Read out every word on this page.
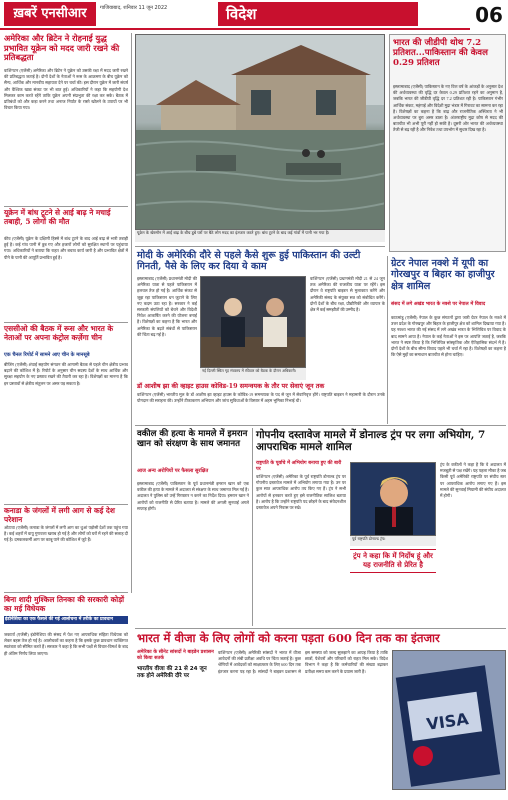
ख़बरें एनसीआर	गाजियाबाद, शनिवार 11 जून 2022	विदेश	06
अमेरिका और ब्रिटेन ने रोहनाई युद्ध प्रभावित यूक्रेन को मदद जारी रखने की प्रतिबद्धता
वाशिंगटन (एजेंसी) अमेरिका और ब्रिटेन ने यूक्रेन को उसकी रक्षा में मदद जारी रखने की प्रतिबद्धता जताई है। दोनों देशों के नेताओं ने रूस के आक्रमण के बीच यूक्रेन को सैन्य, आर्थिक और मानवीय सहायता देने पर चर्चा की। इस दौरान यूक्रेन में जारी संघर्ष और वैश्विक खाद्य संकट पर भी बात हुई। अधिकारियों ने कहा कि सहयोगी देश मिलकर काम करते रहेंगे ताकि यूक्रेन अपनी संप्रभुता की रक्षा कर सके। बैठक में प्रतिबंधों को और कड़ा करने तथा अनाज निर्यात के रास्ते खोलने के उपायों पर भी विचार किया गया।
यूक्रेन में बांध टूटने से आई बाढ़ ने मचाई तबाही, 5 लोगों की मौत
कीव (एजेंसी) यूक्रेन के दक्षिणी हिस्से में बांध टूटने के बाद आई बाढ़ से भारी तबाही हुई है। कई गांव पानी में डूब गए और हजारों लोगों को सुरक्षित स्थानों पर पहुंचाया गया। अधिकारियों ने बताया कि राहत और बचाव कार्य जारी है और प्रभावित क्षेत्रों में पीने के पानी की आपूर्ति प्रभावित हुई है।
एससीओ की बैठक में रूस और भारत के नेताओं पर अपना कंट्रोल कर्ज़ेगा चीन
एक चैनल रिपोर्ट में सामने आए चीन के मानसूबे
बीजिंग (एजेंसी) शंघाई सहयोग संगठन की आगामी बैठक से पहले चीन क्षेत्रीय प्रभाव बढ़ाने की कोशिश में है। रिपोर्ट के अनुसार चीन सदस्य देशों के साथ आर्थिक और सुरक्षा सहयोग के नए प्रस्ताव रखने की तैयारी कर रहा है। विशेषज्ञों का मानना है कि इन प्रस्तावों से क्षेत्रीय संतुलन पर असर पड़ सकता है।
कनाडा के जंगलों में लगी आग से कई देश परेशान
ओटावा (एजेंसी) कनाडा के जंगलों में लगी आग का धुआं पड़ोसी देशों तक पहुंच गया है। कई शहरों में वायु गुणवत्ता खराब हो गई है और लोगों को घरों में रहने की सलाह दी गई है। दमकलकर्मी आग पर काबू पाने की कोशिश में जुटे हैं।
बिना शादी मुश्किल तिनका की सरकारी कोड़ों का मई विधेयक
इंडोनेशिया का एक फैसले की गई आलोचना में तरीके का प्रावधान
जकार्ता (एजेंसी) इंडोनेशिया की संसद में पेश नए आपराधिक संहिता विधेयक को लेकर बहस तेज हो गई है। आलोचकों का कहना है कि इसके कुछ प्रावधान व्यक्तिगत स्वतंत्रता को सीमित करते हैं। सरकार ने कहा है कि सभी पक्षों से विचार-विमर्श के बाद ही अंतिम निर्णय लिया जाएगा।
यूक्रेन के खेरसॉन में आई बाढ़ के बीच डूबे घरों पर बैठे लोग मदद का इंतजार करते हुए। बांध टूटने के बाद कई गांवों में पानी भर गया है।
भारत की जीडीपी थोथ 7.2 प्रतिशत...पाकिस्तान की केवल 0.29 प्रतिशत
इस्लामाबाद (एजेंसी) पाकिस्तान के नए वित्त वर्ष के आंकड़ों के अनुसार देश की अर्थव्यवस्था की वृद्धि दर केवल 0.29 प्रतिशत रहने का अनुमान है, जबकि भारत की जीडीपी वृद्धि दर 7.2 प्रतिशत रही है। पाकिस्तान गंभीर आर्थिक संकट, महंगाई और विदेशी मुद्रा भंडार में गिरावट का सामना कर रहा है। विशेषज्ञों का कहना है कि बाढ़ और राजनीतिक अस्थिरता ने भी अर्थव्यवस्था पर बुरा असर डाला है। अंतरराष्ट्रीय मुद्रा कोष से मदद की बातचीत भी अभी पूरी नहीं हो सकी है। दूसरी ओर भारत की अर्थव्यवस्था तेजी से बढ़ रही है और निवेश तथा उपभोग में सुधार दिख रहा है।
मोदी के अमेरिकी दौरे से पहले कैसे शुरू हुई पाकिस्तान की उल्टी गिनती, पैसे के लिए कर दिया ये काम
इस्लामाबाद (एजेंसी) प्रधानमंत्री मोदी की अमेरिका यात्रा से पहले पाकिस्तान में हलचल तेज हो गई है। आर्थिक संकट से जूझ रहा पाकिस्तान धन जुटाने के लिए नए कदम उठा रहा है। सरकार ने कई सरकारी संपत्तियों को बेचने और विदेशी निवेश आकर्षित करने की योजना बनाई है। विशेषज्ञों का कहना है कि भारत और अमेरिका के बढ़ते संबंधों से पाकिस्तान की चिंता बढ़ गई है।
नई दिल्ली स्थित गृह मंत्रालय में रविवार को बैठक के दौरान अधिकारी।
वाशिंगटन (एजेंसी) प्रधानमंत्री मोदी 21 से 24 जून तक अमेरिका की राजकीय यात्रा पर रहेंगे। इस दौरान वे राष्ट्रपति बाइडन से मुलाकात करेंगे और अमेरिकी संसद के संयुक्त सत्र को संबोधित करेंगे। दोनों देशों के बीच रक्षा, प्रौद्योगिकी और व्यापार के क्षेत्र में कई समझौतों की उम्मीद है।
डॉ आशीष झा की व्हाइट हाउस कोविड-19 समन्वयक के तौर पर सेवाएं जून तक
वाशिंगटन (एजेंसी) भारतीय मूल के डॉ आशीष झा व्हाइट हाउस के कोविड-19 समन्वयक के पद से जून में सेवानिवृत्त होंगे। राष्ट्रपति बाइडन ने महामारी के दौरान उनके योगदान की सराहना की। उन्होंने टीकाकरण अभियान और जांच सुविधाओं के विस्तार में अहम भूमिका निभाई थी।
ग्रेटर नेपाल नक्शे में यूपी का गोरखपुर व बिहार का हाजीपुर क्षेत्र शामिल
संसद में लगे अखंड भारत के नक्शे पर नेपाल में विवाद
काठमांडू (एजेंसी) नेपाल के कुछ संगठनों द्वारा जारी ग्रेटर नेपाल के नक्शे में उत्तर प्रदेश के गोरखपुर और बिहार के हाजीपुर क्षेत्र को शामिल दिखाया गया है। यह नक्शा भारत की नई संसद में लगे अखंड भारत के भित्तिचित्र पर विवाद के बाद सामने आया है। नेपाल के कई नेताओं ने इस पर आपत्ति जताई है, जबकि भारत ने स्पष्ट किया है कि भित्तिचित्र सांस्कृतिक और ऐतिहासिक संदर्भ में है। दोनों देशों के बीच सीमा विवाद पहले भी चर्चा में रहा है। विशेषज्ञों का कहना है कि ऐसे मुद्दों का समाधान बातचीत से होना चाहिए।
वकील की हत्या के मामले में इमरान खान को संरक्षण के साथ जमानत
आज अन्य अरोपियों पर फैसला सुरक्षित
इस्लामाबाद (एजेंसी) पाकिस्तान के पूर्व प्रधानमंत्री इमरान खान को एक वकील की हत्या के मामले में अदालत से संरक्षण के साथ जमानत मिल गई है। अदालत ने पुलिस को उन्हें गिरफ्तार न करने का निर्देश दिया। इमरान खान ने आरोपों को राजनीति से प्रेरित बताया है। मामले की अगली सुनवाई अगले सप्ताह होगी।
गोपनीय दस्तावेज मामले में डोनाल्ड ट्रंप पर लगा अभियोग, 7 आपराधिक मामले शामिल
राष्ट्रपति के पूर्वाचे में अभियोग बनाया हुए की बारी पर
वाशिंगटन (एजेंसी) अमेरिका के पूर्व राष्ट्रपति डोनाल्ड ट्रंप पर गोपनीय दस्तावेज मामले में अभियोग लगाया गया है। उन पर कुल सात आपराधिक आरोप तय किए गए हैं। ट्रंप ने सभी आरोपों से इनकार करते हुए इसे राजनीतिक साजिश बताया है। आरोप है कि उन्होंने राष्ट्रपति पद छोड़ने के बाद संवेदनशील दस्तावेज अपने निवास पर रखे।
पूर्व राष्ट्रपति डोनाल्ड ट्रंप।
ट्रंप ने कहा कि में निर्दोष हूं और यह राजनीति से प्रेरित है
ट्रंप के वकीलों ने कहा है कि वे अदालत में मजबूती से पक्ष रखेंगे। यह पहला मौका है जब किसी पूर्व अमेरिकी राष्ट्रपति पर संघीय स्तर पर आपराधिक आरोप लगाए गए हैं। इस मामले की सुनवाई मियामी की संघीय अदालत में होगी।
भारत में वीजा के लिए लोगों को करना पड़ता 600 दिन तक का इंतजार
अमेरिका के सीनेट सांसदों ने बाइडेन प्रशासन को किया सतर्क
भारतीय वीजा की 21 से 24 जून तक होने अमेरिकी दौरे पर
वाशिंगटन (एजेंसी) अमेरिकी सांसदों ने भारत में वीजा आवेदनों की लंबी प्रतीक्षा अवधि पर चिंता जताई है। कुछ श्रेणियों में आवेदकों को साक्षात्कार के लिए 600 दिन तक इंतजार करना पड़ रहा है। सांसदों ने बाइडन प्रशासन से इस समस्या को जल्द सुलझाने का आग्रह किया है ताकि छात्रों, पेशेवरों और परिवारों को राहत मिल सके। विदेश विभाग ने कहा है कि कर्मचारियों की संख्या बढ़ाकर प्रतीक्षा समय कम करने के प्रयास जारी हैं।
VISA
